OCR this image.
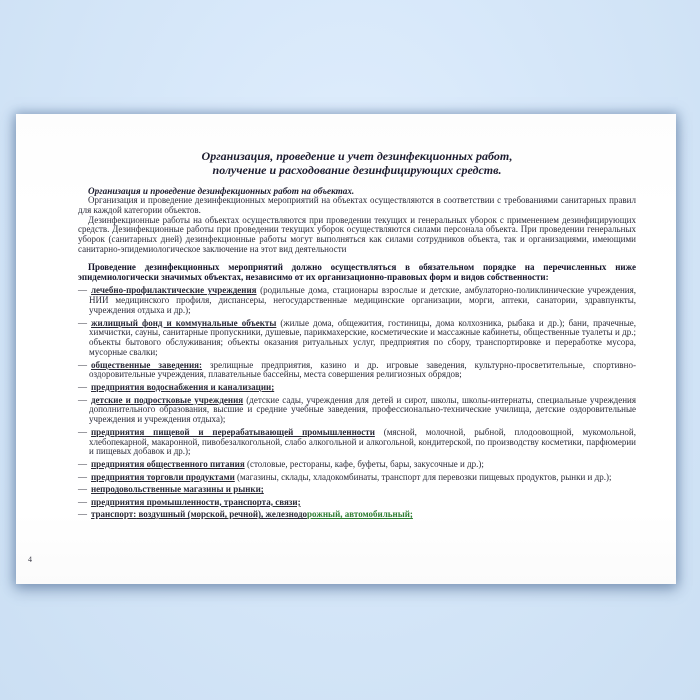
Организация, проведение и учет дезинфекционных работ,
получение и расходование дезинфицирующих средств.
Организация и проведение дезинфекционных работ на объектах.
Организация и проведение дезинфекционных мероприятий на объектах осуществляются в соответствии с требованиями санитарных правил для каждой категории объектов.
Дезинфекционные работы на объектах осуществляются при проведении текущих и генеральных уборок с применением дезинфицирующих средств. Дезинфекционные работы при проведении текущих уборок осуществляются силами персонала объекта. При проведении генеральных уборок (санитарных дней) дезинфекционные работы могут выполняться как силами сотрудников объекта, так и организациями, имеющими санитарно-эпидемиологическое заключение на этот вид деятельности
Проведение дезинфекционных мероприятий должно осуществляться в обязательном порядке на перечисленных ниже эпидемиологически значимых объектах, независимо от их организационно-правовых форм и видов собственности:
— лечебно-профилактические учреждения (родильные дома, стационары взрослые и детские, амбулаторно-поликлинические учреждения, НИИ медицинского профиля, диспансеры, негосударственные медицинские организации, морги, аптеки, санатории, здравпункты, учреждения отдыха и др.);
— жилищный фонд и коммунальные объекты (жилые дома, общежития, гостиницы, дома колхозника, рыбака и др.); бани, прачечные, химчистки, сауны, санитарные пропускники, душевые, парикмахерские, косметические и массажные кабинеты, общественные туалеты и др.; объекты бытового обслуживания; объекты оказания ритуальных услуг, предприятия по сбору, транспортировке и переработке мусора, мусорные свалки;
— общественные заведения: зрелищные предприятия, казино и др. игровые заведения, культурно-просветительные, спортивно-оздоровительные учреждения, плавательные бассейны, места совершения религиозных обрядов;
— предприятия водоснабжения и канализации;
— детские и подростковые учреждения (детские сады, учреждения для детей и сирот, школы, школы-интернаты, специальные учреждения дополнительного образования, высшие и средние учебные заведения, профессионально-технические училища, детские оздоровительные учреждения и учреждения отдыха);
— предприятия пищевой и перерабатывающей промышленности (мясной, молочной, рыбной, плодоовощной, мукомольной, хлебопекарной, макаронной, пивобезалкогольной, слабо алкогольной и алкогольной, кондитерской, по производству косметики, парфюмерии и пищевых добавок и др.);
— предприятия общественного питания (столовые, рестораны, кафе, буфеты, бары, закусочные и др.);
— предприятия торговли продуктами (магазины, склады, хладокомбинаты, транспорт для перевозки пищевых продуктов, рынки и др.);
— непродовольственные магазины и рынки;
— предприятия промышленности, транспорта, связи;
— транспорт: воздушный (морской, речной), железнодорожный, автомобильный;
4
